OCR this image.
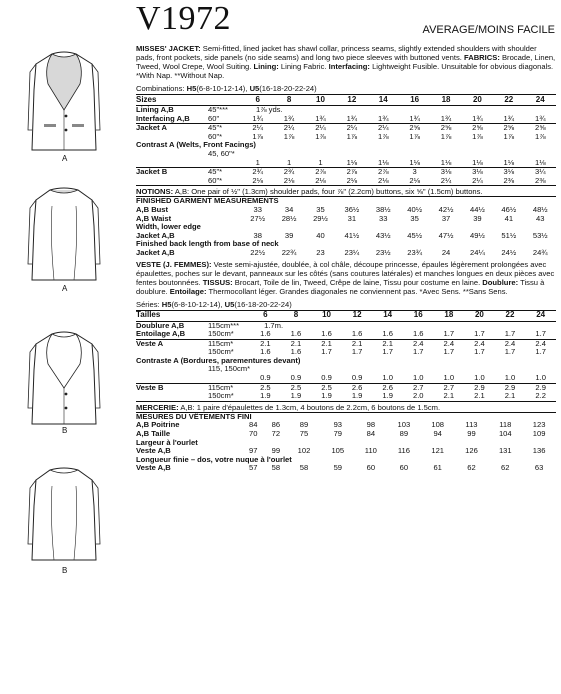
A
A
B
B
V1972	AVERAGE/MOINS FACILE

MISSES' JACKET: Semi-fitted, lined jacket has shawl collar, princess seams, slightly extended shoulders with shoulder pads, front pockets, side panels (no side seams) and long two piece sleeves with buttoned vents. FABRICS: Brocade, Linen, Tweed, Wool Crepe, Wool Suiting. Lining: Lining Fabric. Interfacing: Lightweight Fusible. Unsuitable for obvious diagonals. *With Nap. **Without Nap.

Combinations: H5(6-8-10-12-14), U5(16-18-20-22-24)
Sizes		6	8	10	12	14	16	18	20	22	24
Lining A,B	45"***	1⅞ yds.									
Interfacing A,B	60"	1¾	1¾	1¾	1¾	1¾	1¾	1¾	1¾	1¾	1¾
Jacket A	45"*	2¼	2¼	2¼	2¼	2¼	2⅝	2⅝	2⅝	2⅝	2⅝
	60"*	1⅞	1⅞	1⅞	1⅞	1⅞	1⅞	1⅞	1⅞	1⅞	1⅞
Contrast A (Welts, Front Facings)											
	45, 60"*										
		1	1	1	1⅛	1⅛	1⅛	1⅛	1⅛	1⅛	1⅛
Jacket B	45"*	2¾	2¾	2⅞	2⅞	2⅞	3	3⅛	3⅛	3⅛	3¼
	60"*	2⅛	2⅛	2⅛	2⅛	2⅛	2⅛	2¼	2¼	2⅜	2⅜

NOTIONS: A,B: One pair of ½" (1.3cm) shoulder pads, four ⅞" (2.2cm) buttons, six ⅝" (1.5cm) buttons.

FINISHED GARMENT MEASUREMENTS											
A,B Bust		33	34	35	36½	38½	40½	42½	44½	46½	48½
A,B Waist		27½	28½	29½	31	33	35	37	39	41	43
Width, lower edge											
Jacket A,B		38	39	40	41½	43½	45½	47½	49½	51½	53½
Finished back length from base of neck											
Jacket A,B		22½	22¾	23	23¼	23½	23¾	24	24¼	24½	24¾

VESTE (J. FEMMES): Veste semi-ajustée, doublée, à col châle, découpe princesse, épaules légèrement prolongées avec épaulettes, poches sur le devant, panneaux sur les côtés (sans coutures latérales) et manches longues en deux pièces avec fentes boutonnées. TISSUS: Brocart, Toile de lin, Tweed, Crêpe de laine, Tissu pour costume en laine. Doublure: Tissu à doublure. Entoilage: Thermocollant léger. Grandes diagonales ne conviennent pas. *Avec Sens. **Sans Sens.

Séries: H5(6-8-10-12-14), U5(16-18-20-22-24)
Tailles		6	8	10	12	14	16	18	20	22	24
Doublure A,B	115cm***	1.7m.									
Entoilage A,B	150cm*	1.6	1.6	1.6	1.6	1.6	1.6	1.7	1.7	1.7	1.7
Veste A	115cm*	2.1	2.1	2.1	2.1	2.1	2.4	2.4	2.4	2.4	2.4
	150cm*	1.6	1.6	1.7	1.7	1.7	1.7	1.7	1.7	1.7	1.7
Contraste A (Bordures, parementures devant)											
	115, 150cm*										
		0.9	0.9	0.9	0.9	1.0	1.0	1.0	1.0	1.0	1.0
Veste B	115cm*	2.5	2.5	2.5	2.6	2.6	2.7	2.7	2.9	2.9	2.9
	150cm*	1.9	1.9	1.9	1.9	1.9	2.0	2.1	2.1	2.1	2.2

MERCERIE: A,B: 1 paire d'épaulettes de 1.3cm, 4 boutons de 2.2cm, 6 boutons de 1.5cm.

MESURES DU VÊTEMENTS FINI											
A,B Poitrine		84	86	89	93	98	103	108	113	118	123
A,B Taille		70	72	75	79	84	89	94	99	104	109
Largeur à l'ourlet											
Veste A,B		97	99	102	105	110	116	121	126	131	136
Longueur finie – dos, votre nuque à l'ourlet											
Veste A,B		57	58	58	59	60	60	61	62	62	63
